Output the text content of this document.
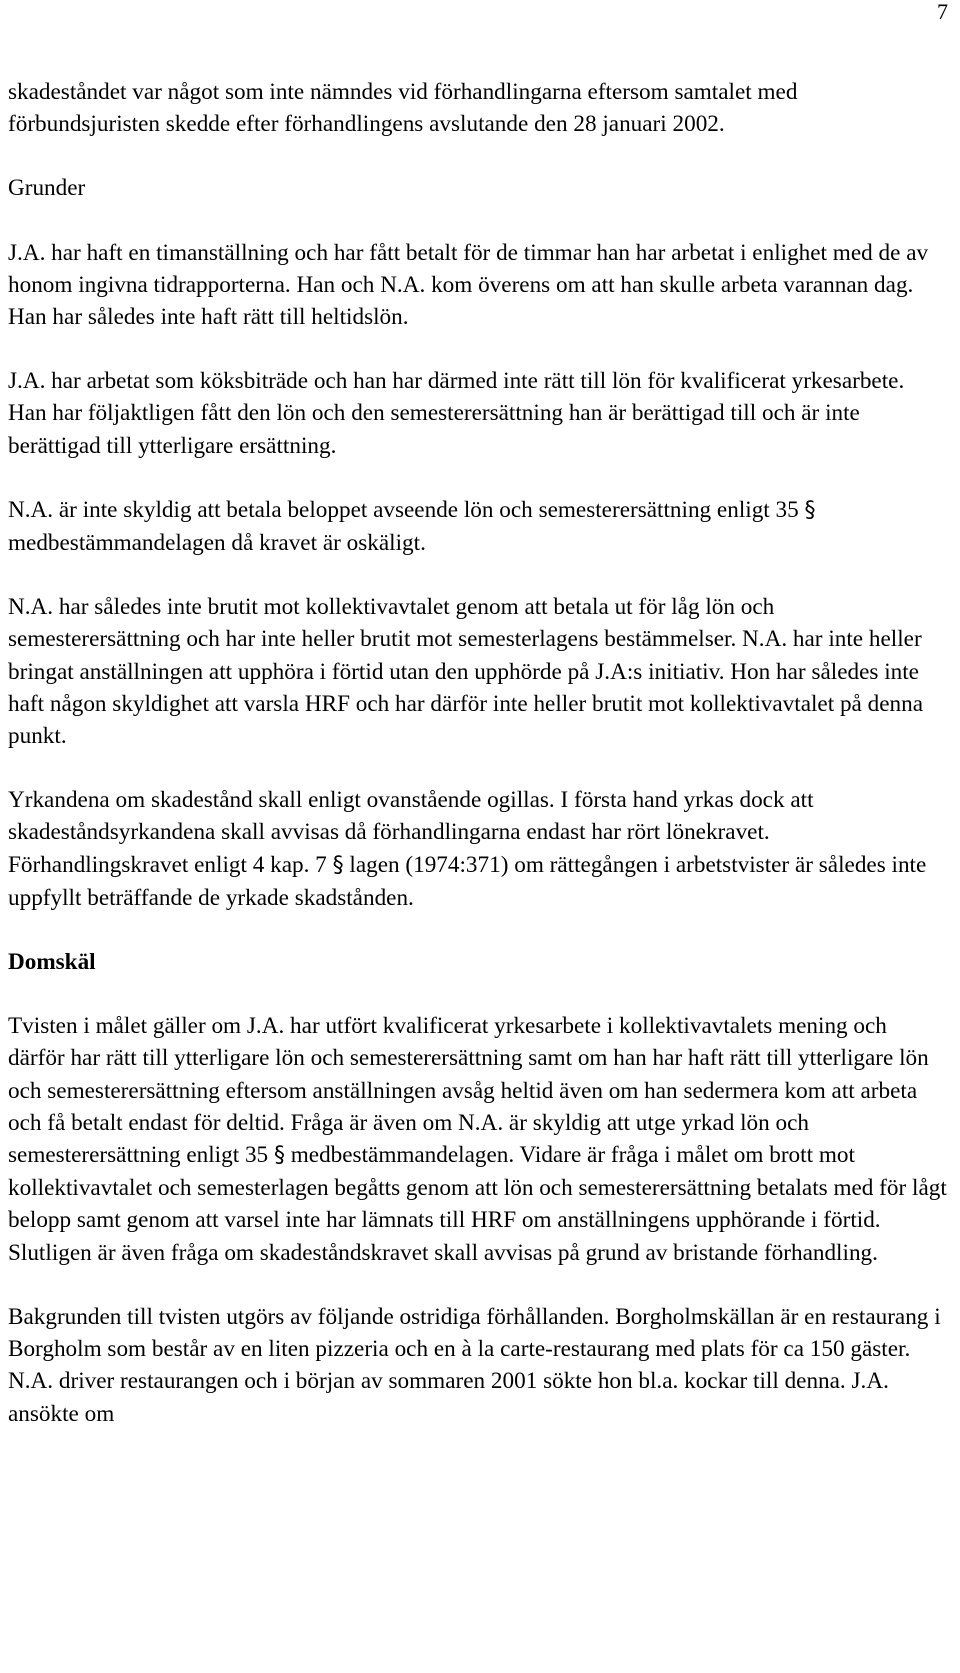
7

skadeståndet var något som inte nämndes vid förhandlingarna eftersom samtalet med förbundsjuristen skedde efter förhandlingens avslutande den 28 januari 2002.

Grunder

J.A. har haft en timanställning och har fått betalt för de timmar han har arbetat i enlighet med de av honom ingivna tidrapporterna. Han och N.A. kom överens om att han skulle arbeta varannan dag. Han har således inte haft rätt till heltidslön.

J.A. har arbetat som köksbiträde och han har därmed inte rätt till lön för kvalificerat yrkesarbete. Han har följaktligen fått den lön och den semesterersättning han är berättigad till och är inte berättigad till ytterligare ersättning.

N.A. är inte skyldig att betala beloppet avseende lön och semesterersättning enligt 35 § medbestämmandelagen då kravet är oskäligt.

N.A. har således inte brutit mot kollektivavtalet genom att betala ut för låg lön och semesterersättning och har inte heller brutit mot semesterlagens bestämmelser. N.A. har inte heller bringat anställningen att upphöra i förtid utan den upphörde på J.A:s initiativ. Hon har således inte haft någon skyldighet att varsla HRF och har därför inte heller brutit mot kollektivavtalet på denna punkt.

Yrkandena om skadestånd skall enligt ovanstående ogillas. I första hand yrkas dock att skadeståndsyrkandena skall avvisas då förhandlingarna endast har rört lönekravet. Förhandlingskravet enligt 4 kap. 7 § lagen (1974:371) om rättegången i arbetstvister är således inte uppfyllt beträffande de yrkade skadstånden.

Domskäl

Tvisten i målet gäller om J.A. har utfört kvalificerat yrkesarbete i kollektivavtalets mening och därför har rätt till ytterligare lön och semesterersättning samt om han har haft rätt till ytterligare lön och semesterersättning eftersom anställningen avsåg heltid även om han sedermera kom att arbeta och få betalt endast för deltid. Fråga är även om N.A. är skyldig att utge yrkad lön och semesterersättning enligt 35 § medbestämmandelagen. Vidare är fråga i målet om brott mot kollektivavtalet och semesterlagen begåtts genom att lön och semesterersättning betalats med för lågt belopp samt genom att varsel inte har lämnats till HRF om anställningens upphörande i förtid. Slutligen är även fråga om skadeståndskravet skall avvisas på grund av bristande förhandling.

Bakgrunden till tvisten utgörs av följande ostridiga förhållanden. Borgholmskällan är en restaurang i Borgholm som består av en liten pizzeria och en à la carte-restaurang med plats för ca 150 gäster. N.A. driver restaurangen och i början av sommaren 2001 sökte hon bl.a. kockar till denna. J.A. ansökte om
